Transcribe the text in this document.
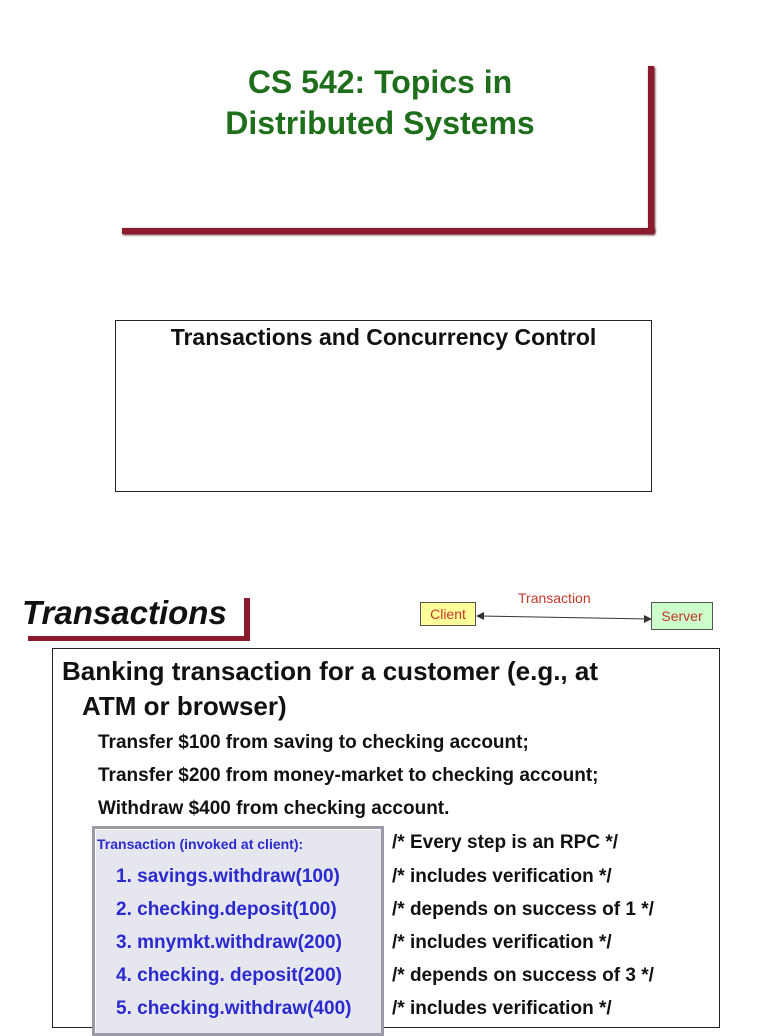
CS 542: Topics in
Distributed Systems
Transactions and Concurrency Control
Transactions	Transaction
Client	Server
Banking transaction for a customer (e.g., at
ATM or browser)
Transfer $100 from saving to checking account;
Transfer $200 from money-market to checking account;
Withdraw $400 from checking account.
Transaction (invoked at client):	/* Every step is an RPC */
1. savings.withdraw(100)	/* includes verification */
2. checking.deposit(100)	/* depends on success of 1 */
3. mnymkt.withdraw(200)	/* includes verification */
4. checking. deposit(200)	/* depends on success of 3 */
5. checking.withdraw(400) /* includes verification */
